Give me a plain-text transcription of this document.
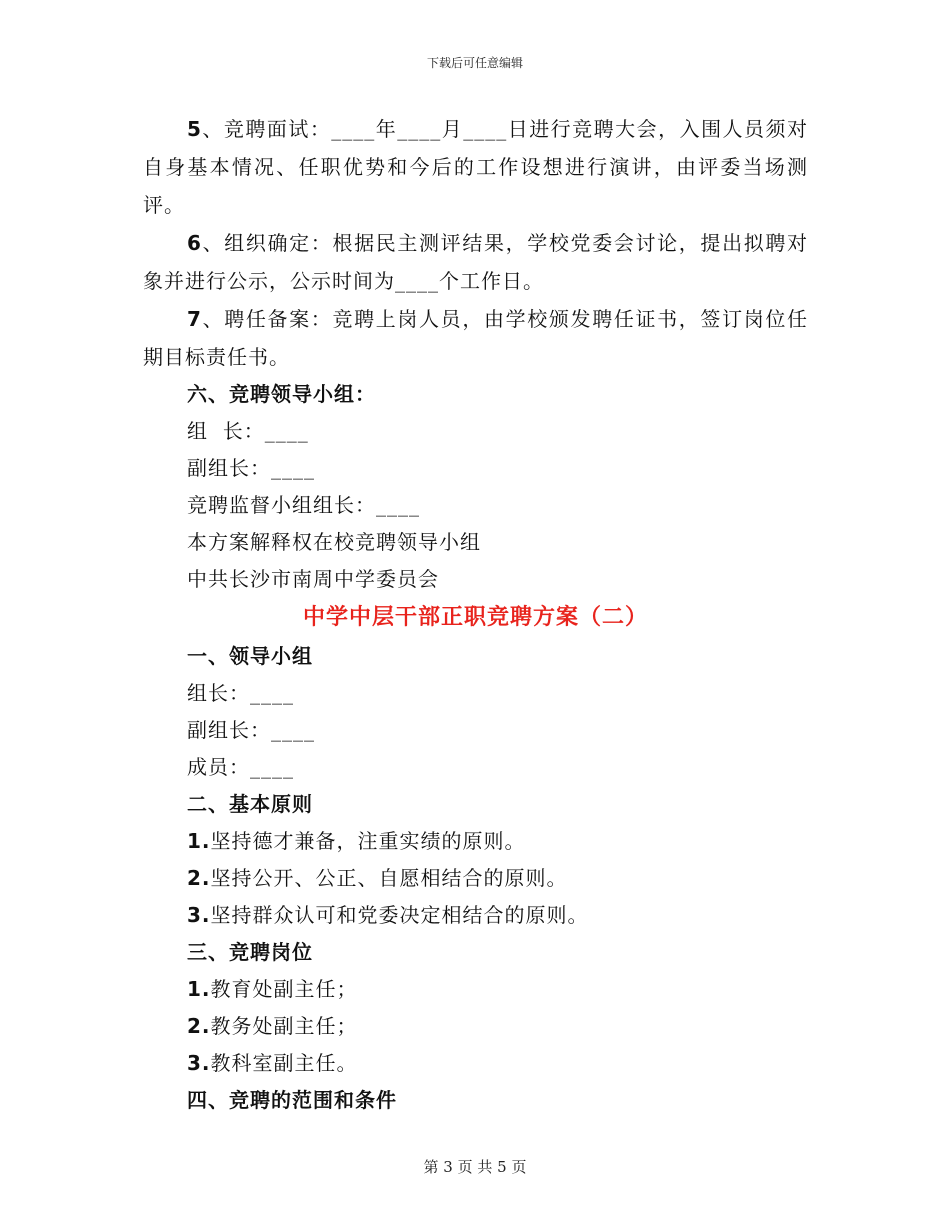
下载后可任意编辑

5、竞聘面试：____年____月____日进行竞聘大会，入围人员须对自身基本情况、任职优势和今后的工作设想进行演讲，由评委当场测评。

6、组织确定：根据民主测评结果，学校党委会讨论，提出拟聘对象并进行公示，公示时间为____个工作日。

7、聘任备案：竞聘上岗人员，由学校颁发聘任证书，签订岗位任期目标责任书。

六、竞聘领导小组：

组  长：____

副组长：____

竞聘监督小组组长：____

本方案解释权在校竞聘领导小组

中共长沙市南周中学委员会

中学中层干部正职竞聘方案（二）

一、领导小组

组长：____

副组长：____

成员：____

二、基本原则

1.坚持德才兼备，注重实绩的原则。

2.坚持公开、公正、自愿相结合的原则。

3.坚持群众认可和党委决定相结合的原则。

三、竞聘岗位

1.教育处副主任；

2.教务处副主任；

3.教科室副主任。

四、竞聘的范围和条件

第 3 页 共 5 页
